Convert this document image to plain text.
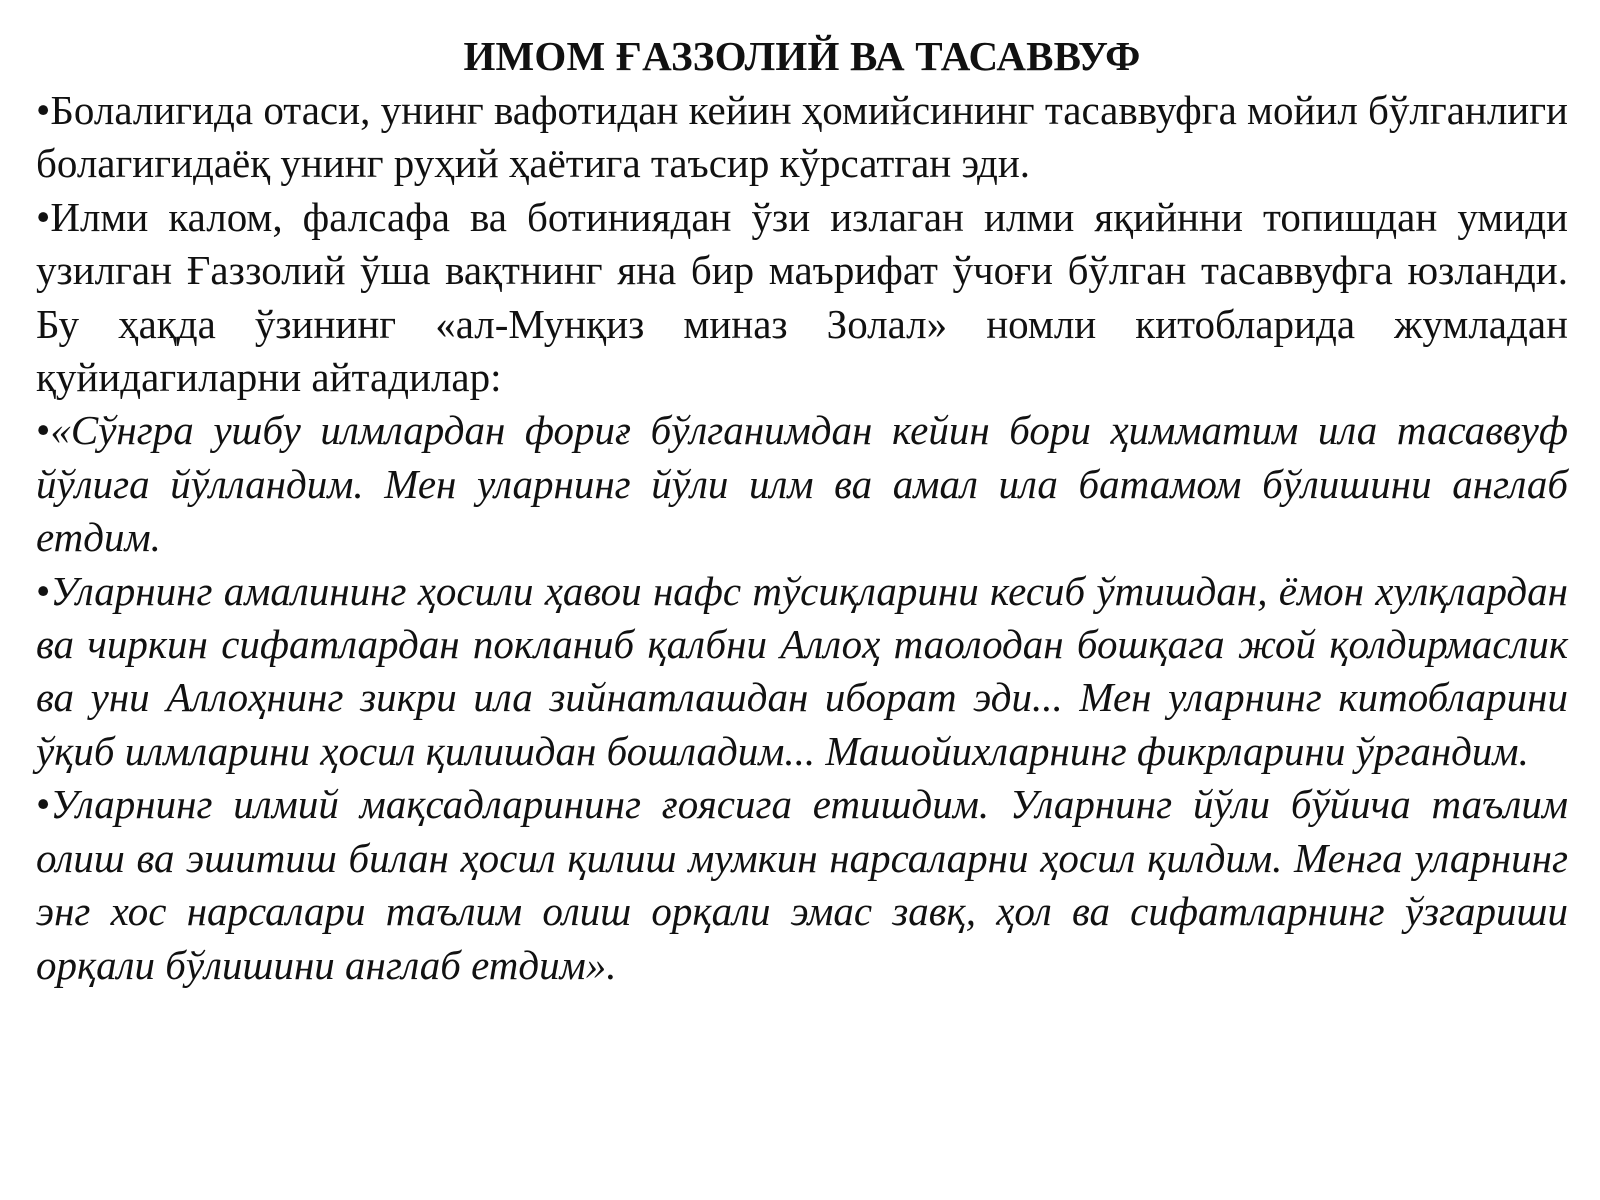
ИМОМ ҒАЗЗОЛИЙ ВА ТАСАВВУФ

•Болалигида отаси, унинг вафотидан кейин ҳомийсининг тасаввуфга мойил бўлганлиги болагигидаёқ унинг руҳий ҳаётига таъсир кўрсатган эди.

•Илми калом, фалсафа ва ботиниядан ўзи излаган илми яқийнни топишдан умиди узилган Ғаззолий ўша вақтнинг яна бир маърифат ўчоғи бўлган тасаввуфга юзланди. Бу ҳақда ўзининг «ал-Мунқиз миназ Золал» номли китобларида жумладан қуйидагиларни айтадилар:

•«Сўнгра ушбу илмлардан фориғ бўлганимдан кейин бори ҳимматим ила тасаввуф йўлига йўлландим. Мен уларнинг йўли илм ва амал ила батамом бўлишини англаб етдим.

•Уларнинг амалининг ҳосили ҳавои нафс тўсиқларини кесиб ўтишдан, ёмон хулқлардан ва чиркин сифатлардан покланиб қалбни Аллоҳ таолодан бошқага жой қолдирмаслик ва уни Аллоҳнинг зикри ила зийнатлашдан иборат эди... Мен уларнинг китобларини ўқиб илмларини ҳосил қилишдан бошладим... Машойихларнинг фикрларини ўргандим.

•Уларнинг илмий мақсадларининг ғоясига етишдим. Уларнинг йўли бўйича таълим олиш ва эшитиш билан ҳосил қилиш мумкин нарсаларни ҳосил қилдим. Менга уларнинг энг хос нарсалари таълим олиш орқали эмас завқ, ҳол ва сифатларнинг ўзгариши орқали бўлишини англаб етдим».
